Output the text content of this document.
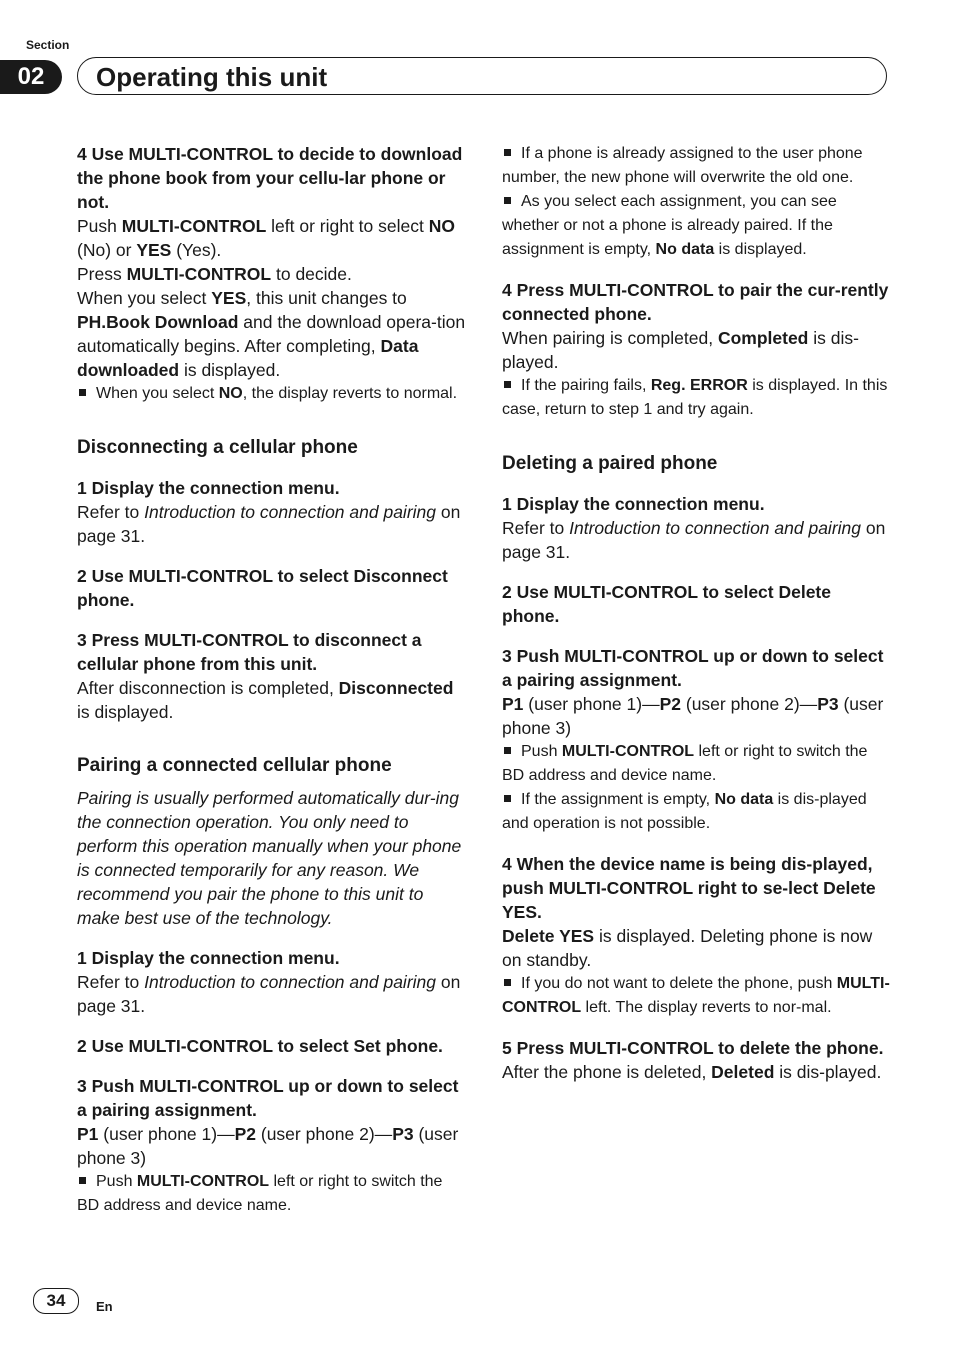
Section
02	Operating this unit

4 Use MULTI-CONTROL to decide to download the phone book from your cellu-lar phone or not.

Push MULTI-CONTROL left or right to select NO (No) or YES (Yes).

Press MULTI-CONTROL to decide.

When you select YES, this unit changes to PH.Book Download and the download opera-tion automatically begins. After completing, Data downloaded is displayed.

When you select NO, the display reverts to normal.

Disconnecting a cellular phone

1 Display the connection menu.

Refer to Introduction to connection and pairing on page 31.

2 Use MULTI-CONTROL to select Disconnect phone.

3 Press MULTI-CONTROL to disconnect a cellular phone from this unit.

After disconnection is completed, Disconnected is displayed.

Pairing a connected cellular phone

Pairing is usually performed automatically dur-ing the connection operation. You only need to perform this operation manually when your phone is connected temporarily for any reason. We recommend you pair the phone to this unit to make best use of the technology.

1 Display the connection menu.

Refer to Introduction to connection and pairing on page 31.

2 Use MULTI-CONTROL to select Set phone.

3 Push MULTI-CONTROL up or down to select a pairing assignment.

P1 (user phone 1)—P2 (user phone 2)—P3 (user phone 3)

Push MULTI-CONTROL left or right to switch the BD address and device name.

If a phone is already assigned to the user phone number, the new phone will overwrite the old one.

As you select each assignment, you can see whether or not a phone is already paired. If the assignment is empty, No data is displayed.

4 Press MULTI-CONTROL to pair the cur-rently connected phone.

When pairing is completed, Completed is dis-played.

If the pairing fails, Reg. ERROR is displayed. In this case, return to step 1 and try again.

Deleting a paired phone

1 Display the connection menu.

Refer to Introduction to connection and pairing on page 31.

2 Use MULTI-CONTROL to select Delete phone.

3 Push MULTI-CONTROL up or down to select a pairing assignment.

P1 (user phone 1)—P2 (user phone 2)—P3 (user phone 3)

Push MULTI-CONTROL left or right to switch the BD address and device name.

If the assignment is empty, No data is dis-played and operation is not possible.

4 When the device name is being dis-played, push MULTI-CONTROL right to se-lect Delete YES.

Delete YES is displayed. Deleting phone is now on standby.

If you do not want to delete the phone, push MULTI-CONTROL left. The display reverts to nor-mal.

5 Press MULTI-CONTROL to delete the phone.

After the phone is deleted, Deleted is dis-played.

34	En
